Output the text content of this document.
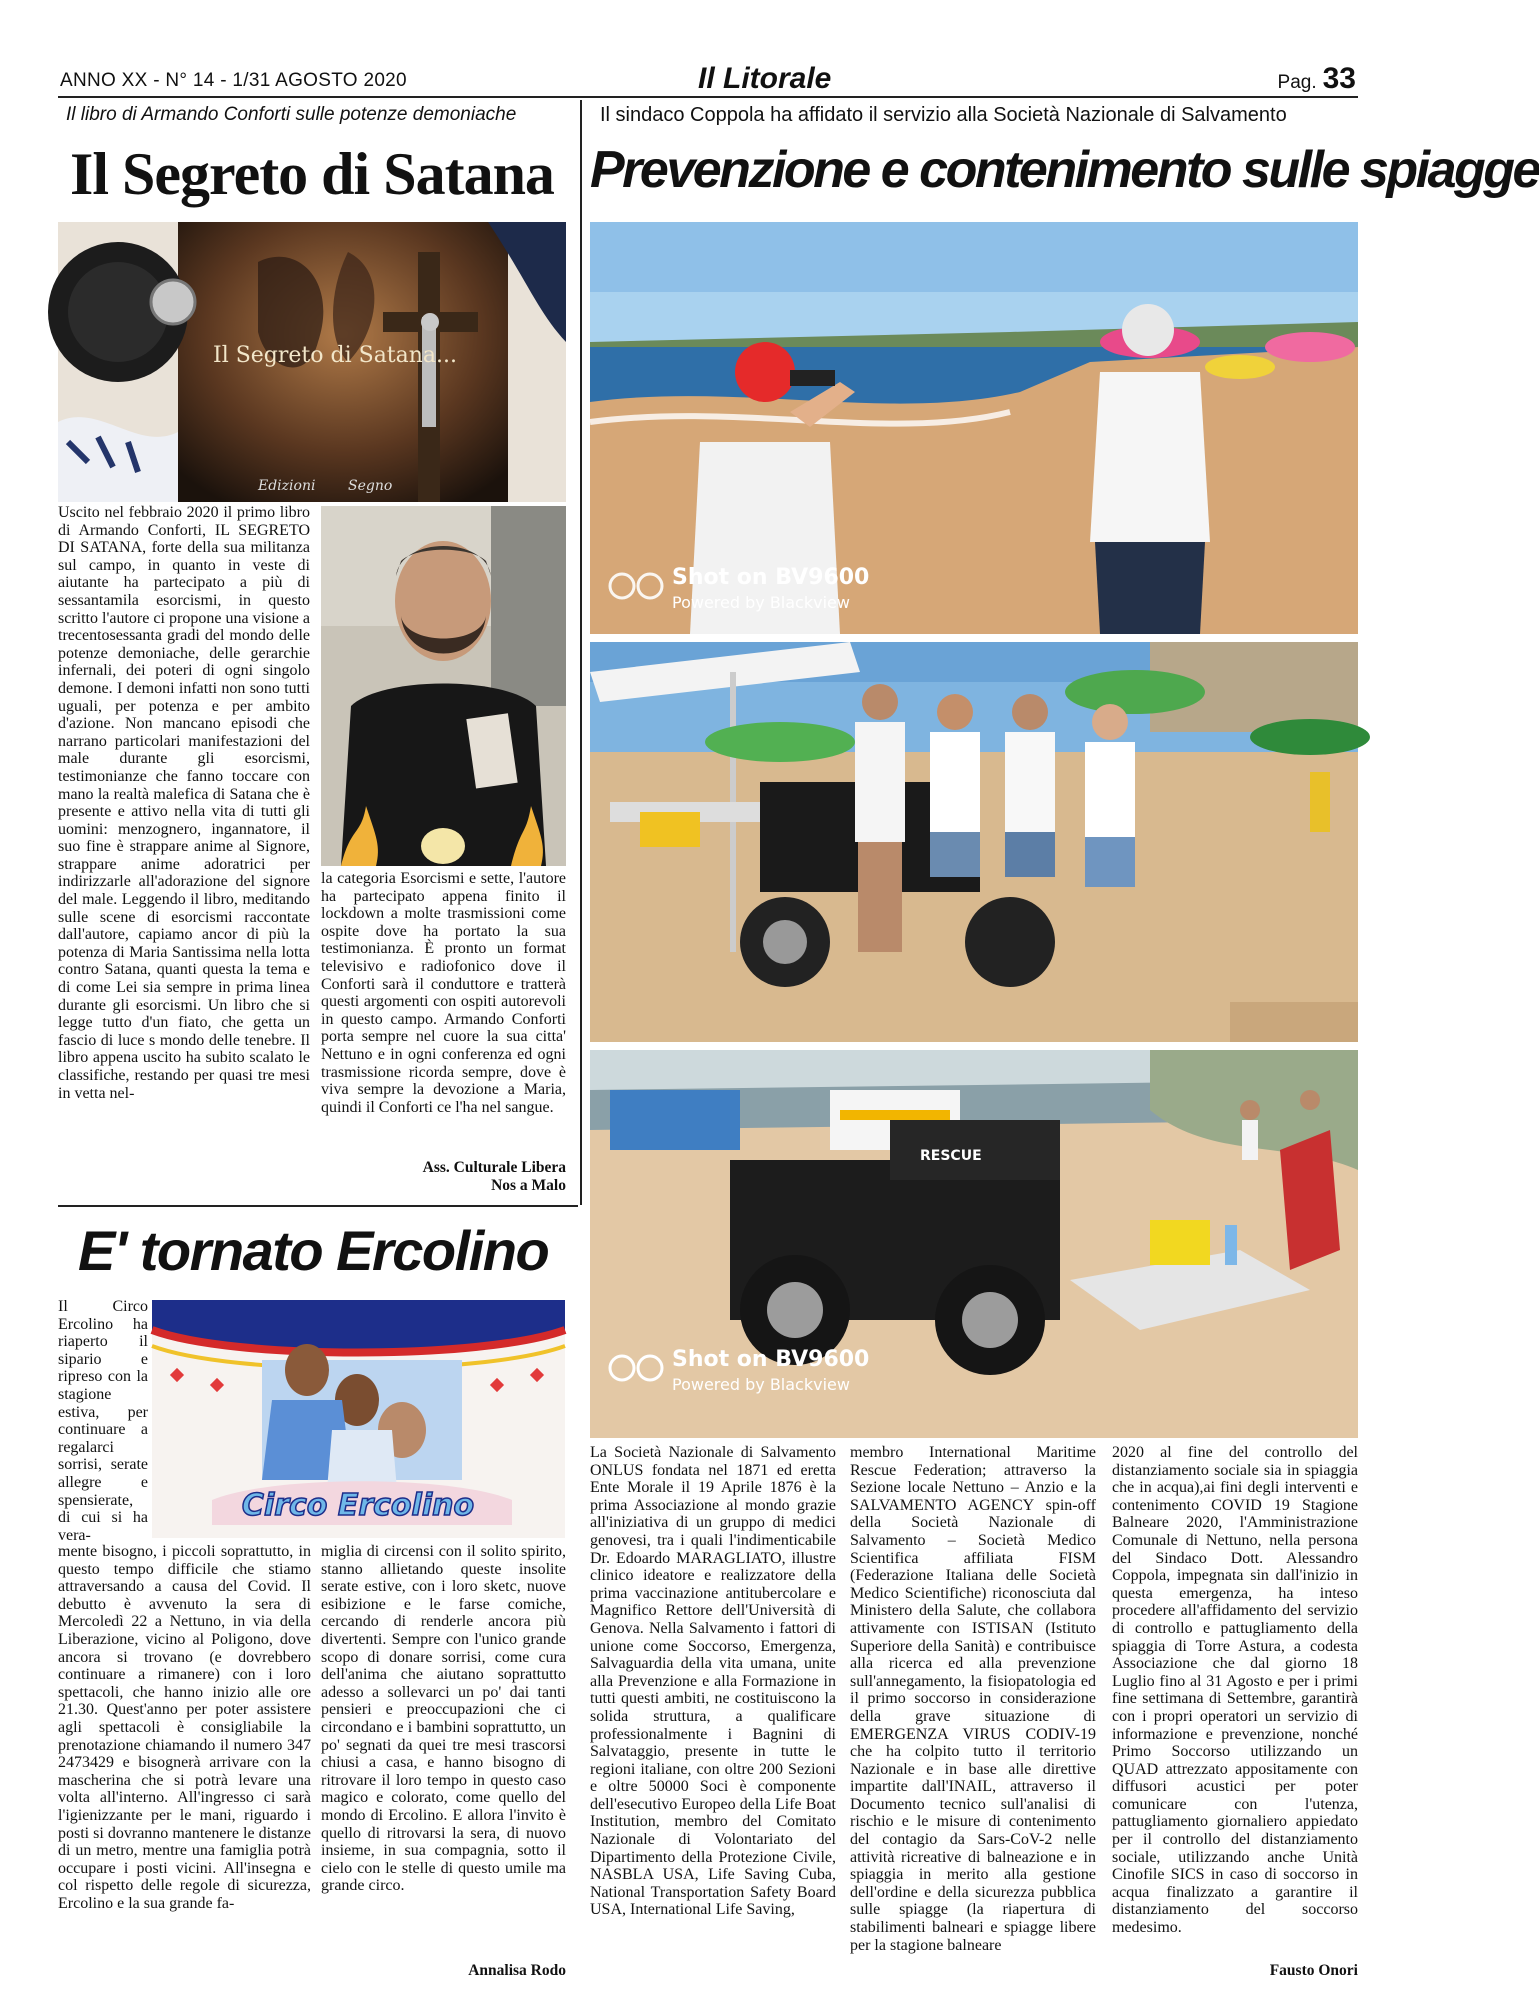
ANNO XX - N° 14 - 1/31 AGOSTO 2020	Il Litorale	Pag. 33
Il libro di Armando Conforti sulle potenze demoniache
Il Segreto di Satana
Il Segreto di Satana...
Edizioni Segno
Uscito nel febbraio 2020 il primo libro di Armando Conforti, IL SEGRETO DI SATANA, forte della sua militanza sul campo, in quanto in veste di aiutante ha partecipato a più di sessantamila esorcismi, in questo scritto l'autore ci propone una visione a trecentosessanta gradi del mondo delle potenze demoniache, delle gerarchie infernali, dei poteri di ogni singolo demone. I demoni infatti non sono tutti uguali, per potenza e per ambito d'azione. Non mancano episodi che narrano particolari manifestazioni del male durante gli esorcismi, testimonianze che fanno toccare con mano la realtà malefica di Satana che è presente e attivo nella vita di tutti gli uomini: menzognero, ingannatore, il suo fine è strappare anime al Signore, strappare anime adoratrici per indirizzarle all'adorazione del signore del male. Leggendo il libro, meditando sulle scene di esorcismi raccontate dall'autore, capiamo ancor di più la potenza di Maria Santissima nella lotta contro Satana, quanti questa la tema e di come Lei sia sempre in prima linea durante gli esorcismi. Un libro che si legge tutto d'un fiato, che getta un fascio di luce s mondo delle tenebre. Il libro appena uscito ha subito scalato le classifiche, restando per quasi tre mesi in vetta nel-
la categoria Esorcismi e sette, l'autore ha partecipato appena finito il lockdown a molte trasmissioni come ospite dove ha portato la sua testimonianza. È pronto un format televisivo e radiofonico dove il Conforti sarà il conduttore e tratterà questi argomenti con ospiti autorevoli in questo campo. Armando Conforti porta sempre nel cuore la sua citta' Nettuno e in ogni conferenza ed ogni trasmissione ricorda sempre, dove è viva sempre la devozione a Maria, quindi il Conforti ce l'ha nel sangue.
Ass. Culturale Libera
Nos a Malo
E' tornato Ercolino
Il Circo Ercolino ha riaperto il sipario e ripreso con la stagione estiva, per continuare a regalarci sorrisi, serate allegre e spensierate, di cui si ha vera-
Circo Ercolino
mente bisogno, i piccoli soprattutto, in questo tempo difficile che stiamo attraversando a causa del Covid. Il debutto è avvenuto la sera di Mercoledì 22 a Nettuno, in via della Liberazione, vicino al Poligono, dove ancora si trovano (e dovrebbero continuare a rimanere) con i loro spettacoli, che hanno inizio alle ore 21.30. Quest'anno per poter assistere agli spettacoli è consigliabile la prenotazione chiamando il numero 347 2473429 e bisognerà arrivare con la mascherina che si potrà levare una volta all'interno. All'ingresso ci sarà l'igienizzante per le mani, riguardo i posti si dovranno mantenere le distanze di un metro, mentre una famiglia potrà occupare i posti vicini. All'insegna e col rispetto delle regole di sicurezza, Ercolino e la sua grande fa-
miglia di circensi con il solito spirito, stanno allietando queste insolite serate estive, con i loro sketc, nuove esibizione e le farse comiche, cercando di renderle ancora più divertenti. Sempre con l'unico grande scopo di donare sorrisi, come cura dell'anima che aiutano soprattutto adesso a sollevarci un po' dai tanti pensieri e preoccupazioni che ci circondano e i bambini soprattutto, un po' segnati da quei tre mesi trascorsi chiusi a casa, e hanno bisogno di ritrovare il loro tempo in questo caso magico e colorato, come quello del mondo di Ercolino. E allora l'invito è quello di ritrovarsi la sera, di nuovo insieme, in sua compagnia, sotto il cielo con le stelle di questo umile ma grande circo.
Annalisa Rodo
Il sindaco Coppola ha affidato il servizio alla Società Nazionale di Salvamento
Prevenzione e contenimento sulle spiagge
Shot on BV9600
Powered by Blackview
RESCUE
Shot on BV9600
Powered by Blackview
La Società Nazionale di Salvamento ONLUS fondata nel 1871 ed eretta Ente Morale il 19 Aprile 1876 è la prima Associazione al mondo grazie all'iniziativa di un gruppo di medici genovesi, tra i quali l'indimenticabile Dr. Edoardo MARAGLIATO, illustre clinico ideatore e realizzatore della prima vaccinazione antitubercolare e Magnifico Rettore dell'Università di Genova. Nella Salvamento i fattori di unione come Soccorso, Emergenza, Salvaguardia della vita umana, unite alla Prevenzione e alla Formazione in tutti questi ambiti, ne costituiscono la solida struttura, a qualificare professionalmente i Bagnini di Salvataggio, presente in tutte le regioni italiane, con oltre 200 Sezioni e oltre 50000 Soci è componente dell'esecutivo Europeo della Life Boat Institution, membro del Comitato Nazionale di Volontariato del Dipartimento della Protezione Civile, NASBLA USA, Life Saving Cuba, National Transportation Safety Board USA, International Life Saving,
membro International Maritime Rescue Federation; attraverso la Sezione locale Nettuno – Anzio e la SALVAMENTO AGENCY spin-off della Società Nazionale di Salvamento – Società Medico Scientifica affiliata FISM (Federazione Italiana delle Società Medico Scientifiche) riconosciuta dal Ministero della Salute, che collabora attivamente con ISTISAN (Istituto Superiore della Sanità) e contribuisce alla ricerca ed alla prevenzione sull'annegamento, la fisiopatologia ed il primo soccorso in considerazione della grave situazione di EMERGENZA VIRUS CODIV-19 che ha colpito tutto il territorio Nazionale e in base alle direttive impartite dall'INAIL, attraverso il Documento tecnico sull'analisi di rischio e le misure di contenimento del contagio da Sars-CoV-2 nelle attività ricreative di balneazione e in spiaggia in merito alla gestione dell'ordine e della sicurezza pubblica sulle spiagge (la riapertura di stabilimenti balneari e spiagge libere per la stagione balneare
2020 al fine del controllo del distanziamento sociale sia in spiaggia che in acqua),ai fini degli interventi e contenimento COVID 19 Stagione Balneare 2020, l'Amministrazione Comunale di Nettuno, nella persona del Sindaco Dott. Alessandro Coppola, impegnata sin dall'inizio in questa emergenza, ha inteso procedere all'affidamento del servizio di controllo e pattugliamento della spiaggia di Torre Astura, a codesta Associazione che dal giorno 18 Luglio fino al 31 Agosto e per i primi fine settimana di Settembre, garantirà con i propri operatori un servizio di informazione e prevenzione, nonché Primo Soccorso utilizzando un QUAD attrezzato appositamente con diffusori acustici per poter comunicare con l'utenza, pattugliamento giornaliero appiedato per il controllo del distanziamento sociale, utilizzando anche Unità Cinofile SICS in caso di soccorso in acqua finalizzato a garantire il distanziamento del soccorso medesimo.
Fausto Onori
